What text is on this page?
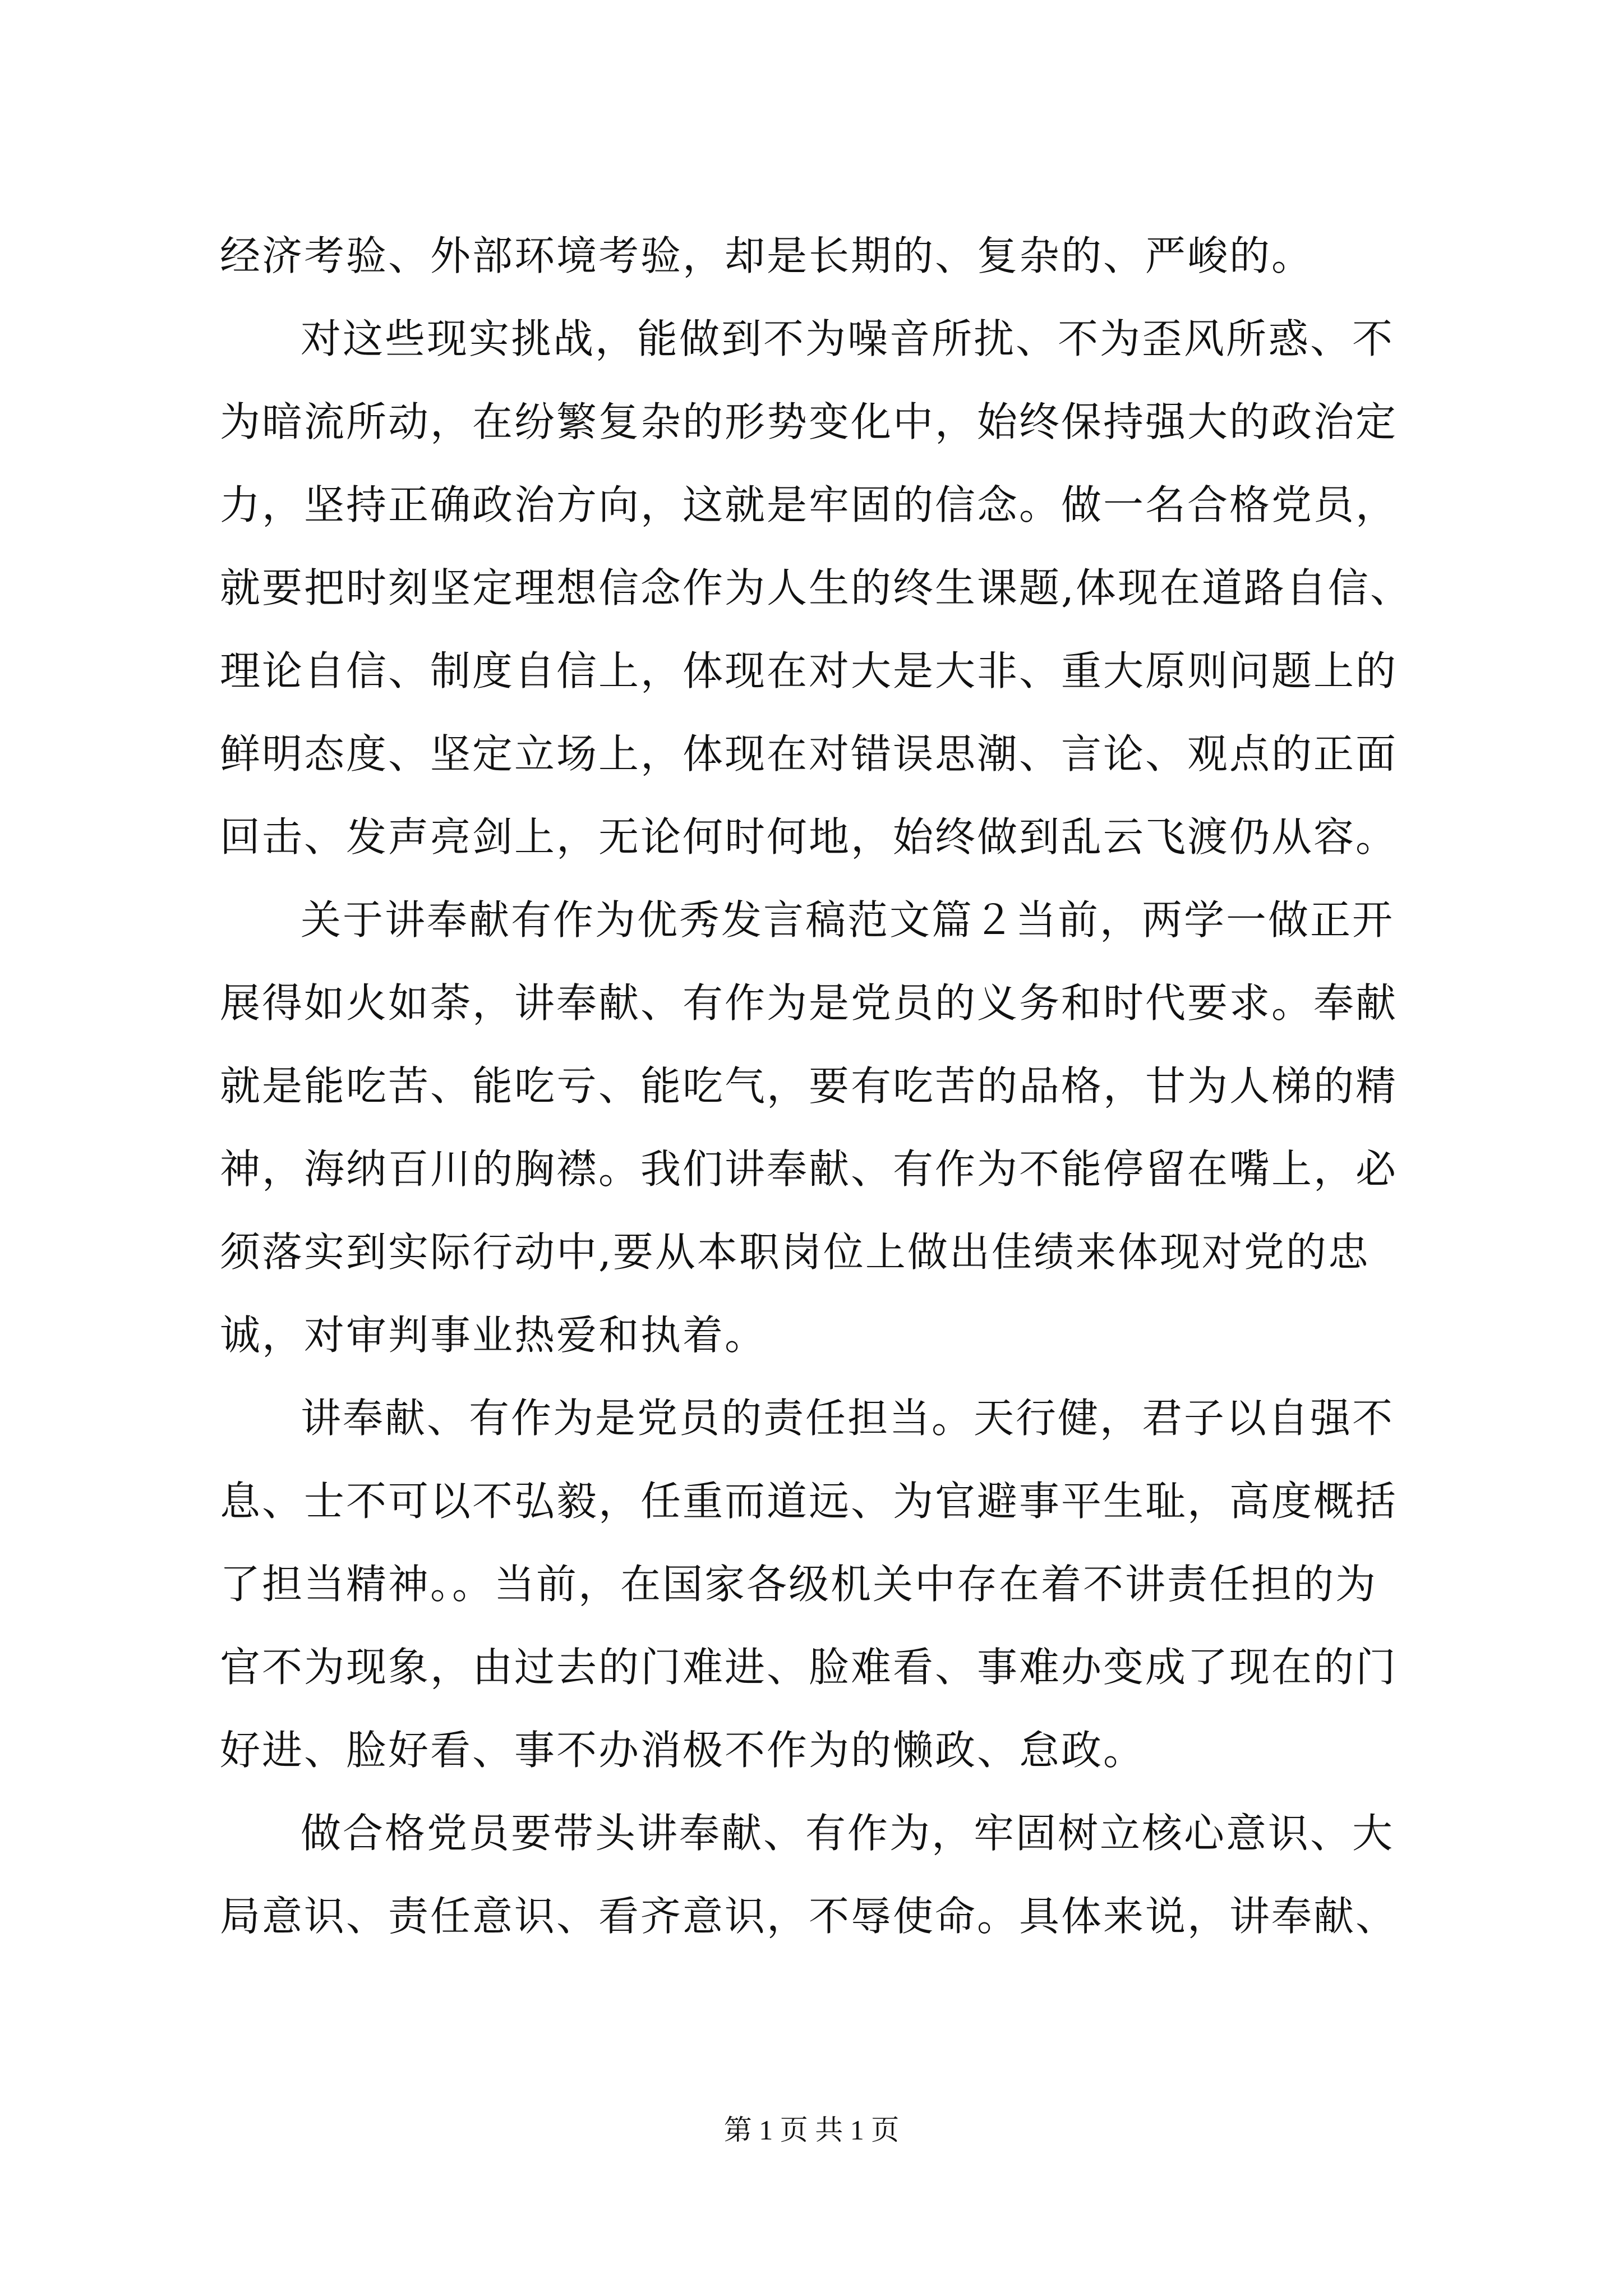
经济考验、外部环境考验，却是长期的、复杂的、严峻的。
对这些现实挑战，能做到不为噪音所扰、不为歪风所惑、不
为暗流所动，在纷繁复杂的形势变化中，始终保持强大的政治定
力，坚持正确政治方向，这就是牢固的信念。做一名合格党员，
就要把时刻坚定理想信念作为人生的终生课题,体现在道路自信、
理论自信、制度自信上，体现在对大是大非、重大原则问题上的
鲜明态度、坚定立场上，体现在对错误思潮、言论、观点的正面
回击、发声亮剑上，无论何时何地，始终做到乱云飞渡仍从容。
关于讲奉献有作为优秀发言稿范文篇２当前，两学一做正开
展得如火如荼，讲奉献、有作为是党员的义务和时代要求。奉献
就是能吃苦、能吃亏、能吃气，要有吃苦的品格，甘为人梯的精
神，海纳百川的胸襟。我们讲奉献、有作为不能停留在嘴上，必
须落实到实际行动中,要从本职岗位上做出佳绩来体现对党的忠
诚，对审判事业热爱和执着。
讲奉献、有作为是党员的责任担当。天行健，君子以自强不
息、士不可以不弘毅，任重而道远、为官避事平生耻，高度概括
了担当精神。。当前，在国家各级机关中存在着不讲责任担的为
官不为现象，由过去的门难进、脸难看、事难办变成了现在的门
好进、脸好看、事不办消极不作为的懒政、怠政。
做合格党员要带头讲奉献、有作为，牢固树立核心意识、大
局意识、责任意识、看齐意识，不辱使命。具体来说，讲奉献、
第 1 页 共 1 页
